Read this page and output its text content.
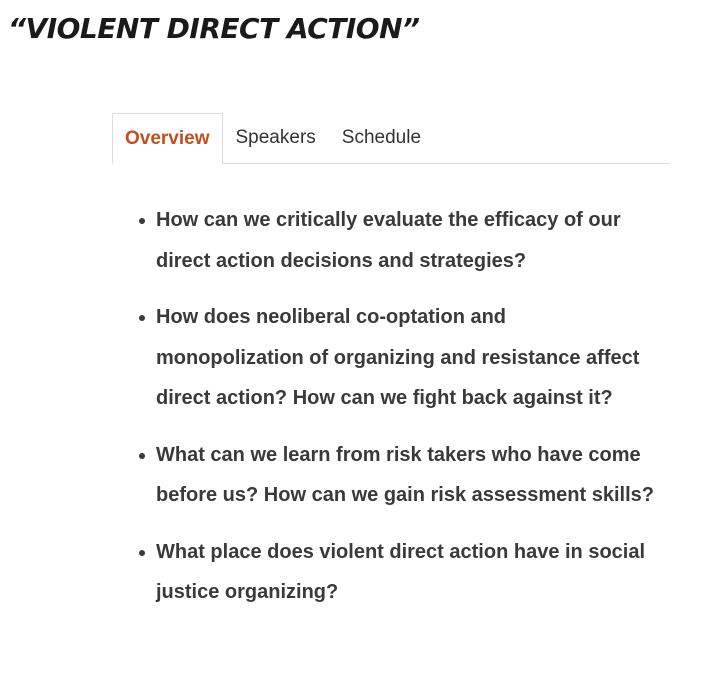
“VIOLENT DIRECT ACTION”
Overview	Speakers	Schedule
How can we critically evaluate the efficacy of our direct action decisions and strategies?
How does neoliberal co-optation and monopolization of organizing and resistance affect direct action? How can we fight back against it?
What can we learn from risk takers who have come before us? How can we gain risk assessment skills?
What place does violent direct action have in social justice organizing?
